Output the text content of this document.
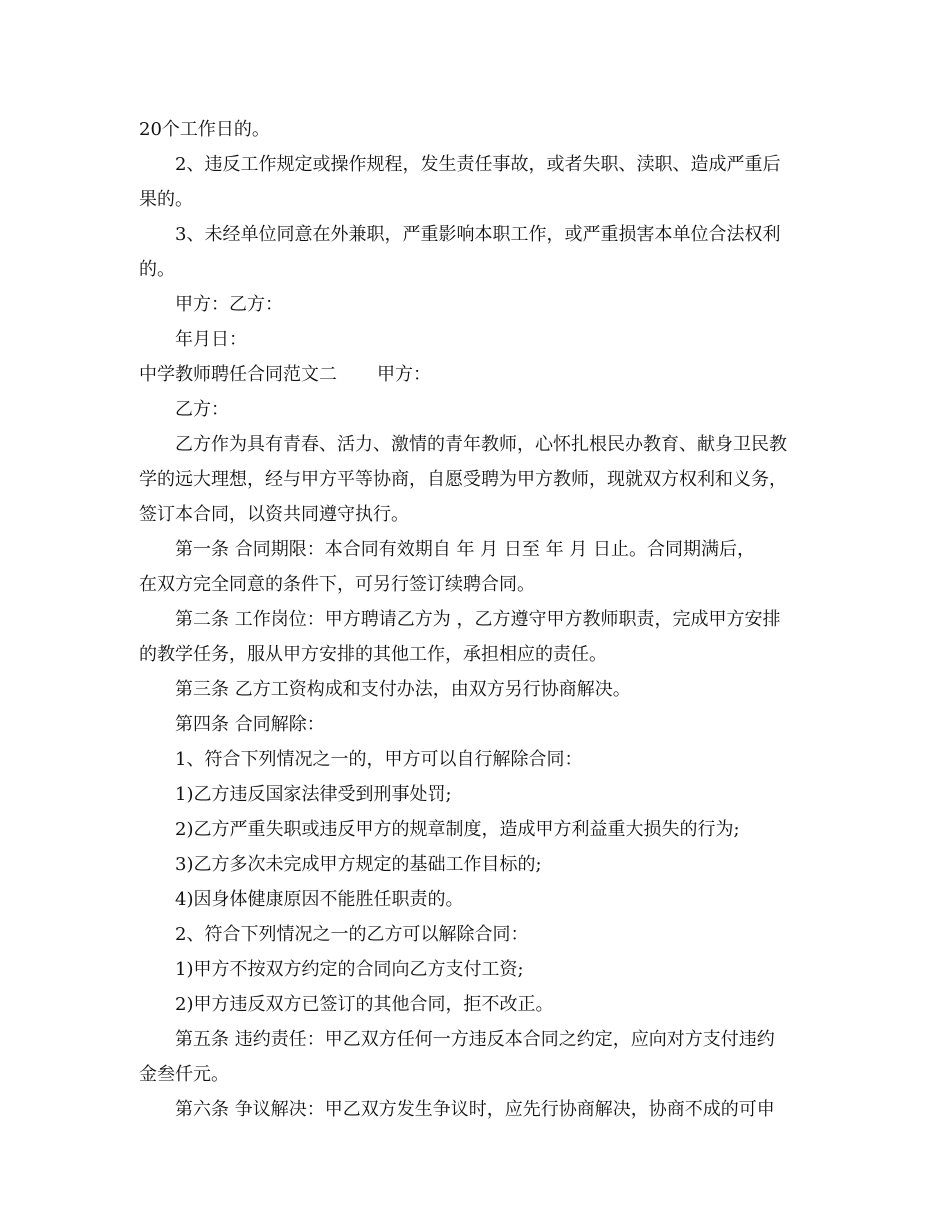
20个工作日的。
2、违反工作规定或操作规程，发生责任事故，或者失职、渎职、造成严重后
果的。
3、未经单位同意在外兼职，严重影响本职工作，或严重损害本单位合法权利
的。
甲方：乙方：
年月日：
中学教师聘任合同范文二 甲方：
乙方：
乙方作为具有青春、活力、激情的青年教师，心怀扎根民办教育、献身卫民教
学的远大理想，经与甲方平等协商，自愿受聘为甲方教师，现就双方权利和义务，
签订本合同，以资共同遵守执行。
第一条 合同期限：本合同有效期自 年 月 日至 年 月 日止。合同期满后，
在双方完全同意的条件下，可另行签订续聘合同。
第二条 工作岗位：甲方聘请乙方为 ，乙方遵守甲方教师职责，完成甲方安排
的教学任务，服从甲方安排的其他工作，承担相应的责任。
第三条 乙方工资构成和支付办法，由双方另行协商解决。
第四条 合同解除：
1、符合下列情况之一的，甲方可以自行解除合同：
1)乙方违反国家法律受到刑事处罚;
2)乙方严重失职或违反甲方的规章制度，造成甲方利益重大损失的行为;
3)乙方多次未完成甲方规定的基础工作目标的;
4)因身体健康原因不能胜任职责的。
2、符合下列情况之一的乙方可以解除合同：
1)甲方不按双方约定的合同向乙方支付工资;
2)甲方违反双方已签订的其他合同，拒不改正。
第五条 违约责任：甲乙双方任何一方违反本合同之约定，应向对方支付违约
金叁仟元。
第六条 争议解决：甲乙双方发生争议时，应先行协商解决，协商不成的可申
